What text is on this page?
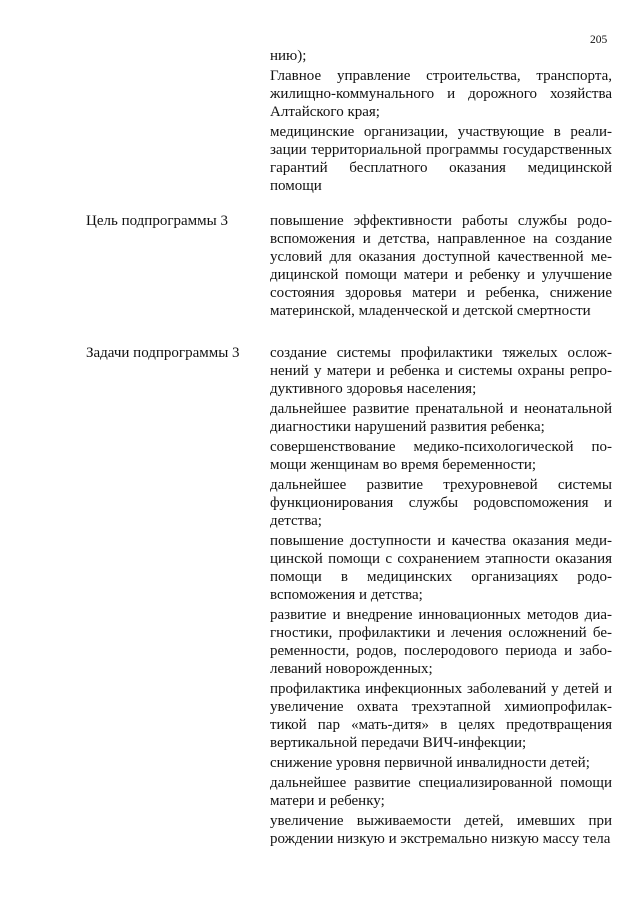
205

нию);

Главное управление строительства, транспорта, жилищно-коммунального и дорожного хозяйства Алтайского края;

медицинские организации, участвующие в реализации территориальной программы государственных гарантий бесплатного оказания медицинской помощи

Цель подпрограммы 3	повышение эффективности работы службы родовспоможения и детства, направленное на создание условий для оказания доступной качественной медицинской помощи матери и ребенку и улучшение состояния здоровья матери и ребенка, снижение материнской, младенческой и детской смертности

Задачи подпрограммы 3 создание системы профилактики тяжелых осложнений у матери и ребенка и системы охраны репродуктивного здоровья населения;

дальнейшее развитие пренатальной и неонатальной диагностики нарушений развития ребенка;

совершенствование медико-психологической помощи женщинам во время беременности;

дальнейшее развитие трехуровневой системы функционирования службы родовспоможения и детства;

повышение доступности и качества оказания медицинской помощи с сохранением этапности оказания помощи в медицинских организациях родовспоможения и детства;

развитие и внедрение инновационных методов диагностики, профилактики и лечения осложнений беременности, родов, послеродового периода и заболеваний новорожденных;

профилактика инфекционных заболеваний у детей и увеличение охвата трехэтапной химиопрофилактикой пар «мать-дитя» в целях предотвращения вертикальной передачи ВИЧ-инфекции;

снижение уровня первичной инвалидности детей;

дальнейшее развитие специализированной помощи матери и ребенку;

увеличение выживаемости детей, имевших при рождении низкую и экстремально низкую массу тела
